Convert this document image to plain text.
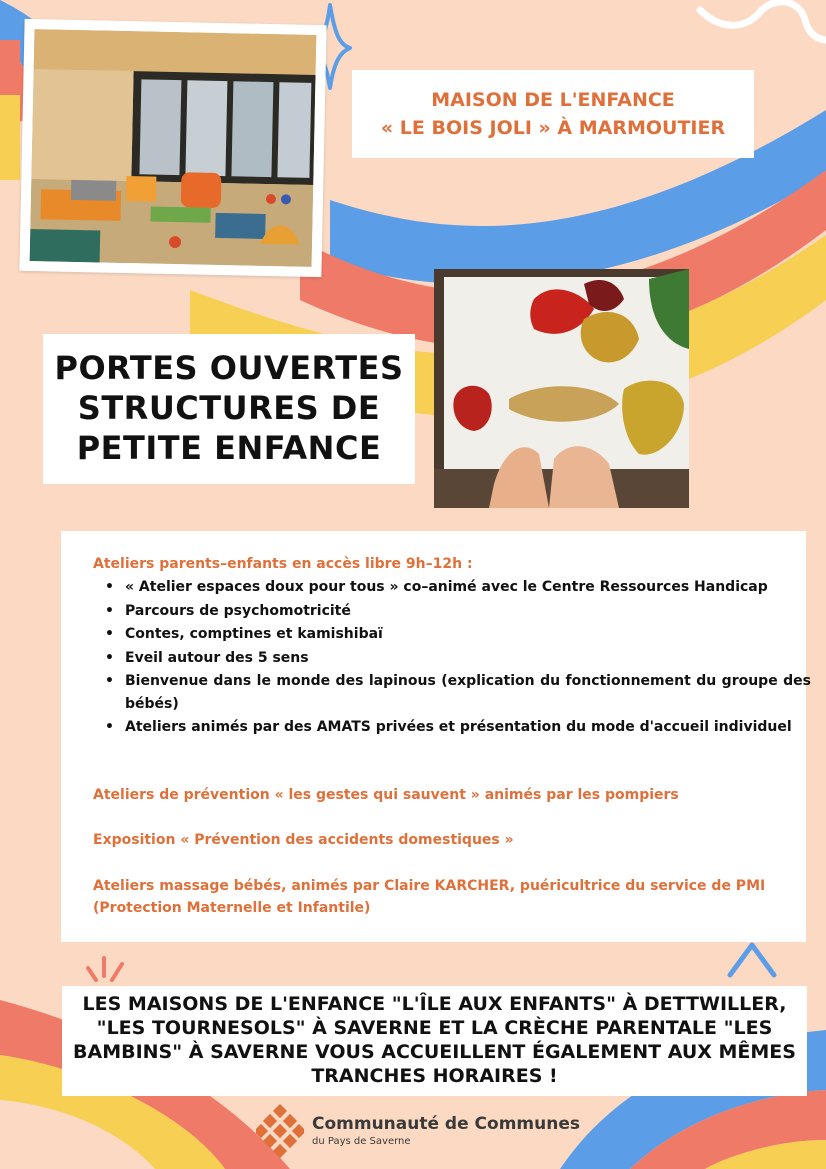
MAISON DE L'ENFANCE
« LE BOIS JOLI » À MARMOUTIER
PORTES OUVERTES
STRUCTURES DE
PETITE ENFANCE
Ateliers parents–enfants en accès libre 9h–12h :
• « Atelier espaces doux pour tous » co–animé avec le Centre Ressources Handicap
• Parcours de psychomotricité
• Contes, comptines et kamishibaï
• Eveil autour des 5 sens
• Bienvenue dans le monde des lapinous (explication du fonctionnement du groupe des bébés)
• Ateliers animés par des AMATS privées et présentation du mode d'accueil individuel
Ateliers de prévention « les gestes qui sauvent » animés par les pompiers
Exposition « Prévention des accidents domestiques »
Ateliers massage bébés, animés par Claire KARCHER, puéricultrice du service de PMI (Protection Maternelle et Infantile)
LES MAISONS DE L'ENFANCE "L'ÎLE AUX ENFANTS" À DETTWILLER,
"LES TOURNESOLS" À SAVERNE ET LA CRÈCHE PARENTALE "LES
BAMBINS" À SAVERNE VOUS ACCUEILLENT ÉGALEMENT AUX MÊMES
TRANCHES HORAIRES !
Communauté de Communes
du Pays de Saverne
